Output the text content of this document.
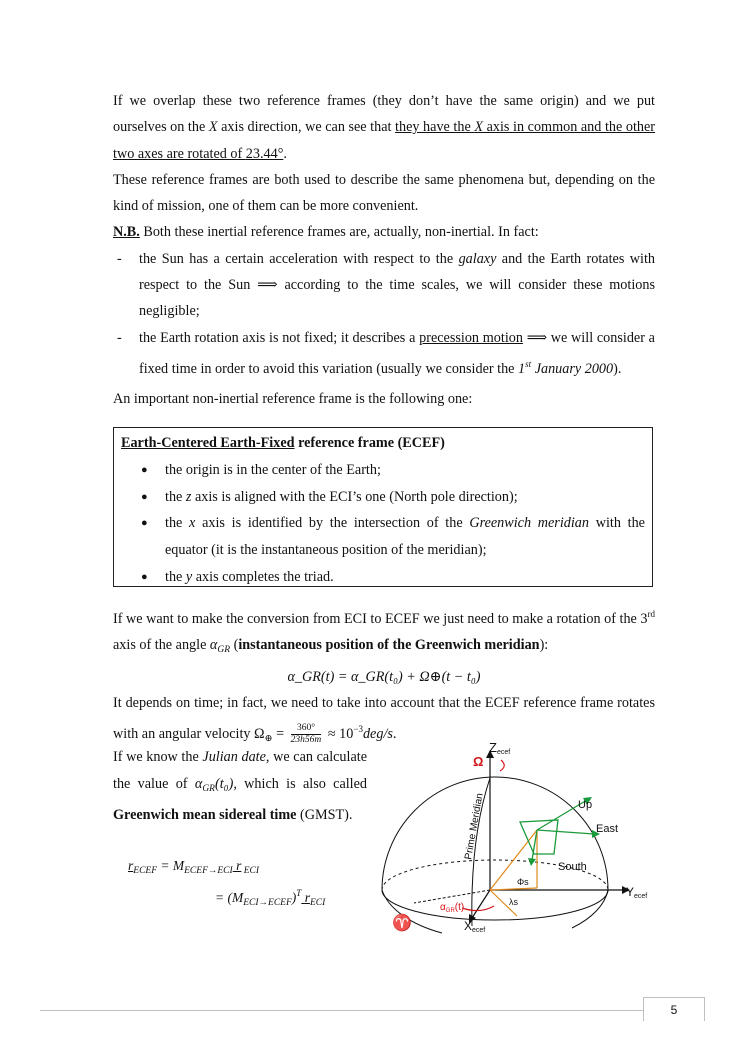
If we overlap these two reference frames (they don’t have the same origin) and we put ourselves on the X axis direction, we can see that they have the X axis in common and the other two axes are rotated of 23.44°.

These reference frames are both used to describe the same phenomena but, depending on the kind of mission, one of them can be more convenient.

N.B. Both these inertial reference frames are, actually, non-inertial. In fact:

-	the Sun has a certain acceleration with respect to the galaxy and the Earth rotates with respect to the Sun ⟹ according to the time scales, we will consider these motions negligible;
-	the Earth rotation axis is not fixed; it describes a precession motion ⟹ we will consider a fixed time in order to avoid this variation (usually we consider the 1st January 2000).

An important non-inertial reference frame is the following one:

Earth-Centered Earth-Fixed reference frame (ECEF)

●	the origin is in the center of the Earth;
●	the z axis is aligned with the ECI’s one (North pole direction);
●	the x axis is identified by the intersection of the Greenwich meridian with the equator (it is the instantaneous position of the meridian);
●	the y axis completes the triad.

If we want to make the conversion from ECI to ECEF we just need to make a rotation of the 3rd axis of the angle $\alpha_{GR}$ (instantaneous position of the Greenwich meridian):

α_GR(t) = α_GR(t₀) + Ω⊕(t − t₀)

It depends on time; in fact, we need to take into account that the ECEF reference frame rotates with an angular velocity $\Omega_\oplus = \frac{360^\circ}{23h56m} \approx 10^{-3}deg/s$.

If we know the Julian date, we can calculate the value of $\alpha_{GR}(t_0)$, which is also called Greenwich mean sidereal time (GMST).
$r_{ECEF} = M_{ECEF\to ECI}$ r $_{ECI}$
= $(M_{ECI\to ECEF})^T$ $r_{ECI}$
Zecef
Ω
Yecef
Xecef
Prime Meridian	Up
East
South
Φs
λs
$\alpha_{GR}(t)$
♈
5
